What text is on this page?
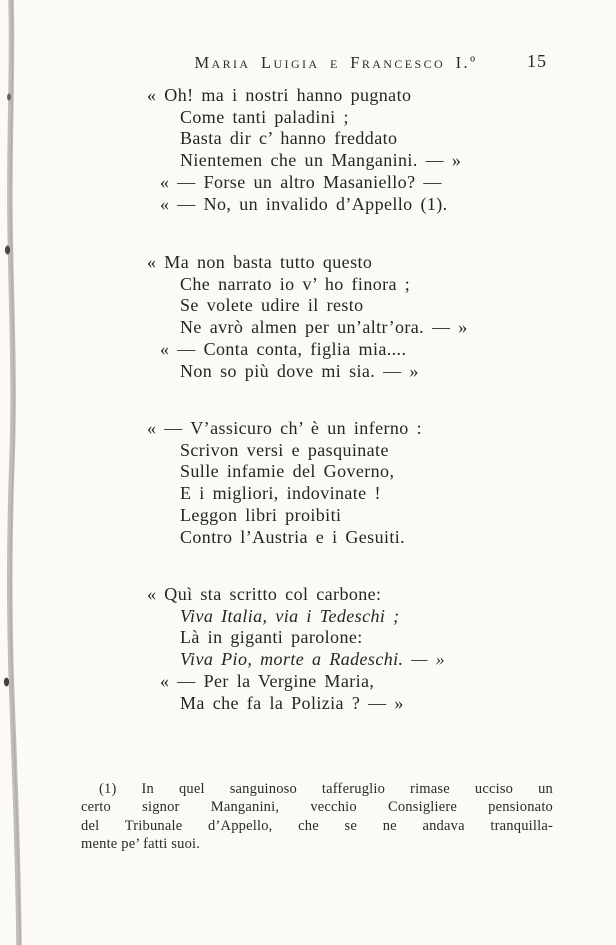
Maria Luigia e Francesco I.º	15
« Oh! ma i nostri hanno pugnato
Come tanti paladini ;
Basta dir c’ hanno freddato
Nientemen che un Manganini. — »
« — Forse un altro Masaniello? —
« — No, un invalido d’Appello (1).
« Ma non basta tutto questo
Che narrato io v’ ho finora ;
Se volete udire il resto
Ne avrò almen per un’altr’ora. — »
« — Conta conta, figlia mia....
Non so più dove mi sia. — »
« — V’assicuro ch’ è un inferno :
Scrivon versi e pasquinate
Sulle infamie del Governo,
E i migliori, indovinate !
Leggon libri proibiti
Contro l’Austria e i Gesuiti.
« Quì sta scritto col carbone:
Viva Italia, via i Tedeschi ;
Là in giganti parolone:
Viva Pio, morte a Radeschi. — »
« — Per la Vergine Maria,
Ma che fa la Polizia ? — »
(1) In quel sanguinoso tafferuglio rimase ucciso un
certo signor Manganini, vecchio Consigliere pensionato
del Tribunale d’Appello, che se ne andava tranquilla-
mente pe’ fatti suoi.
